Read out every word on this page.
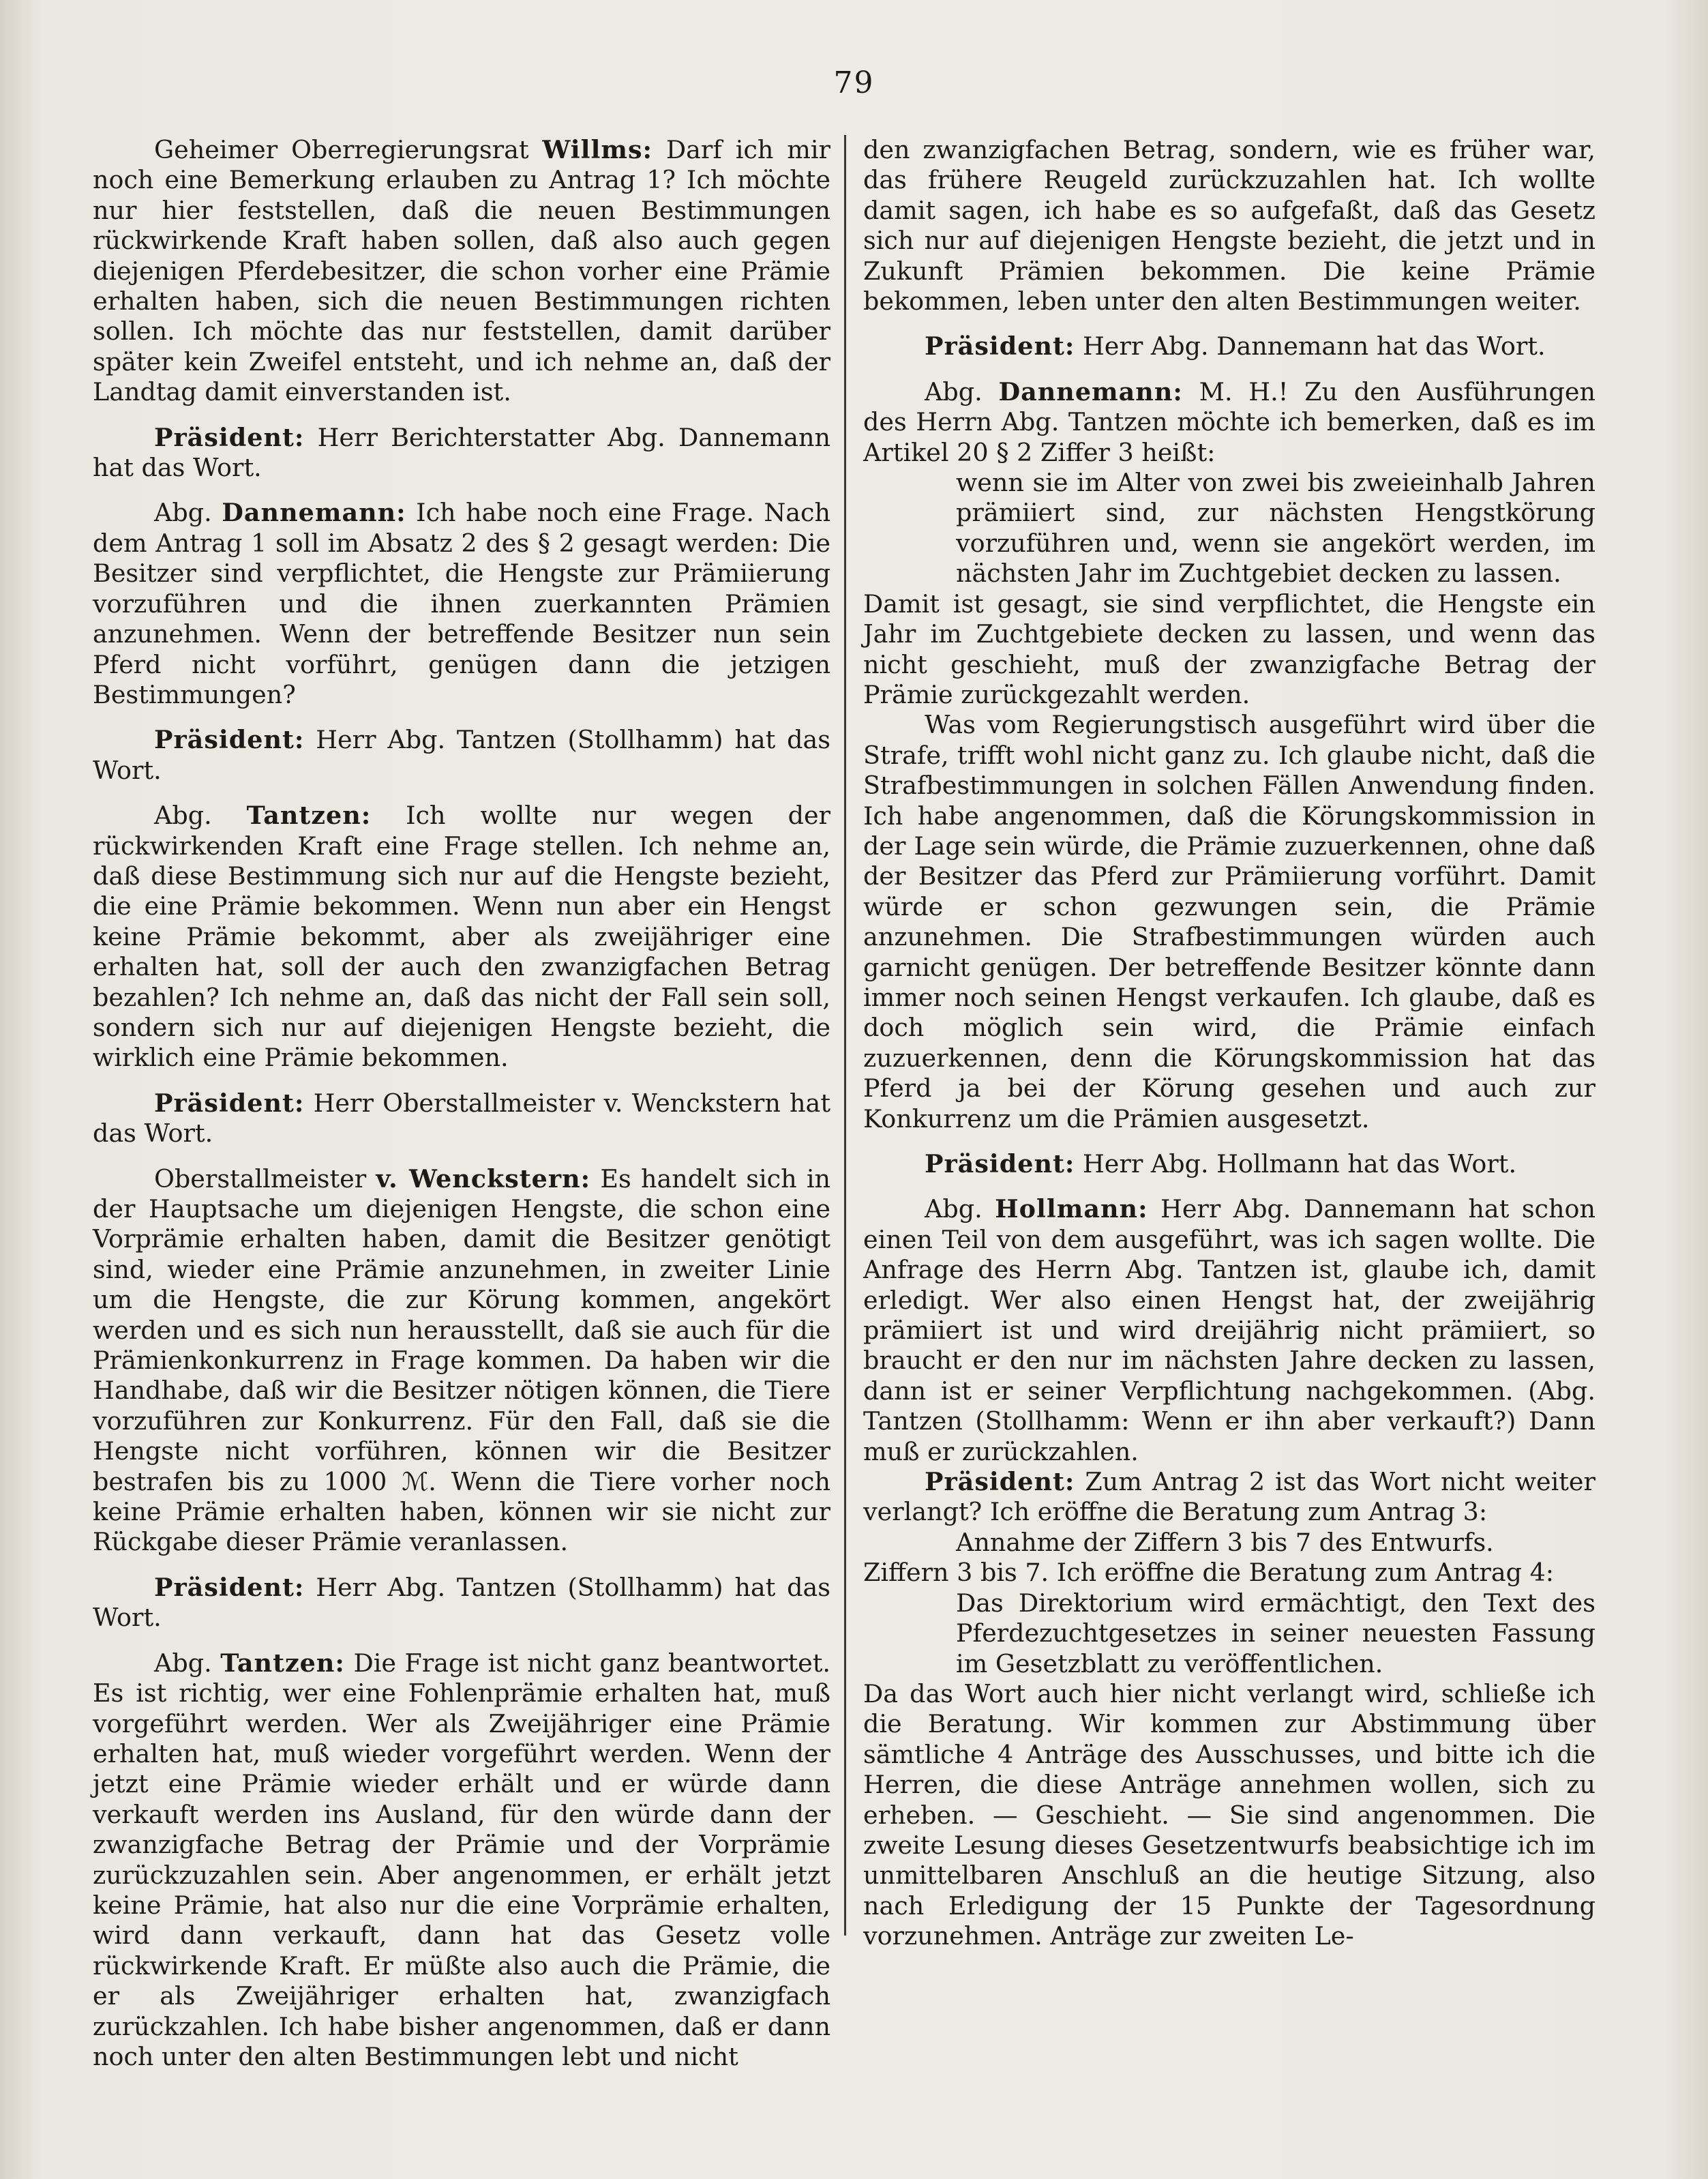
79

Geheimer Oberregierungsrat Willms: Darf ich mir noch eine Bemerkung erlauben zu Antrag 1? Ich möchte nur hier feststellen, daß die neuen Bestimmungen rückwirkende Kraft haben sollen, daß also auch gegen diejenigen Pferdebesitzer, die schon vorher eine Prämie erhalten haben, sich die neuen Bestimmungen richten sollen. Ich möchte das nur feststellen, damit darüber später kein Zweifel entsteht, und ich nehme an, daß der Landtag damit einverstanden ist.

Präsident: Herr Berichterstatter Abg. Dannemann hat das Wort.

Abg. Dannemann: Ich habe noch eine Frage. Nach dem Antrag 1 soll im Absatz 2 des § 2 gesagt werden: Die Besitzer sind verpflichtet, die Hengste zur Prämiierung vorzuführen und die ihnen zuerkannten Prämien anzunehmen. Wenn der betreffende Besitzer nun sein Pferd nicht vorführt, genügen dann die jetzigen Bestimmungen?

Präsident: Herr Abg. Tantzen (Stollhamm) hat das Wort.

Abg. Tantzen: Ich wollte nur wegen der rückwirkenden Kraft eine Frage stellen. Ich nehme an, daß diese Bestimmung sich nur auf die Hengste bezieht, die eine Prämie bekommen. Wenn nun aber ein Hengst keine Prämie bekommt, aber als zweijähriger eine erhalten hat, soll der auch den zwanzigfachen Betrag bezahlen? Ich nehme an, daß das nicht der Fall sein soll, sondern sich nur auf diejenigen Hengste bezieht, die wirklich eine Prämie bekommen.

Präsident: Herr Oberstallmeister v. Wenckstern hat das Wort.

Oberstallmeister v. Wenckstern: Es handelt sich in der Hauptsache um diejenigen Hengste, die schon eine Vorprämie erhalten haben, damit die Besitzer genötigt sind, wieder eine Prämie anzunehmen, in zweiter Linie um die Hengste, die zur Körung kommen, angekört werden und es sich nun herausstellt, daß sie auch für die Prämienkonkurrenz in Frage kommen. Da haben wir die Handhabe, daß wir die Besitzer nötigen können, die Tiere vorzuführen zur Konkurrenz. Für den Fall, daß sie die Hengste nicht vorführen, können wir die Besitzer bestrafen bis zu 1000 ℳ. Wenn die Tiere vorher noch keine Prämie erhalten haben, können wir sie nicht zur Rückgabe dieser Prämie veranlassen.

Präsident: Herr Abg. Tantzen (Stollhamm) hat das Wort.

Abg. Tantzen: Die Frage ist nicht ganz beantwortet. Es ist richtig, wer eine Fohlenprämie erhalten hat, muß vorgeführt werden. Wer als Zweijähriger eine Prämie erhalten hat, muß wieder vorgeführt werden. Wenn der jetzt eine Prämie wieder erhält und er würde dann verkauft werden ins Ausland, für den würde dann der zwanzigfache Betrag der Prämie und der Vorprämie zurückzuzahlen sein. Aber angenommen, er erhält jetzt keine Prämie, hat also nur die eine Vorprämie erhalten, wird dann verkauft, dann hat das Gesetz volle rückwirkende Kraft. Er müßte also auch die Prämie, die er als Zweijähriger erhalten hat, zwanzigfach zurückzahlen. Ich habe bisher angenommen, daß er dann noch unter den alten Bestimmungen lebt und nicht

den zwanzigfachen Betrag, sondern, wie es früher war, das frühere Reugeld zurückzuzahlen hat. Ich wollte damit sagen, ich habe es so aufgefaßt, daß das Gesetz sich nur auf diejenigen Hengste bezieht, die jetzt und in Zukunft Prämien bekommen. Die keine Prämie bekommen, leben unter den alten Bestimmungen weiter.

Präsident: Herr Abg. Dannemann hat das Wort.

Abg. Dannemann: M. H.! Zu den Ausführungen des Herrn Abg. Tantzen möchte ich bemerken, daß es im Artikel 20 § 2 Ziffer 3 heißt:

wenn sie im Alter von zwei bis zweieinhalb Jahren prämiiert sind, zur nächsten Hengstkörung vorzuführen und, wenn sie angekört werden, im nächsten Jahr im Zuchtgebiet decken zu lassen.

Damit ist gesagt, sie sind verpflichtet, die Hengste ein Jahr im Zuchtgebiete decken zu lassen, und wenn das nicht geschieht, muß der zwanzigfache Betrag der Prämie zurückgezahlt werden.

Was vom Regierungstisch ausgeführt wird über die Strafe, trifft wohl nicht ganz zu. Ich glaube nicht, daß die Strafbestimmungen in solchen Fällen Anwendung finden. Ich habe angenommen, daß die Körungskommission in der Lage sein würde, die Prämie zuzuerkennen, ohne daß der Besitzer das Pferd zur Prämiierung vorführt. Damit würde er schon gezwungen sein, die Prämie anzunehmen. Die Strafbestimmungen würden auch garnicht genügen. Der betreffende Besitzer könnte dann immer noch seinen Hengst verkaufen. Ich glaube, daß es doch möglich sein wird, die Prämie einfach zuzuerkennen, denn die Körungskommission hat das Pferd ja bei der Körung gesehen und auch zur Konkurrenz um die Prämien ausgesetzt.

Präsident: Herr Abg. Hollmann hat das Wort.

Abg. Hollmann: Herr Abg. Dannemann hat schon einen Teil von dem ausgeführt, was ich sagen wollte. Die Anfrage des Herrn Abg. Tantzen ist, glaube ich, damit erledigt. Wer also einen Hengst hat, der zweijährig prämiiert ist und wird dreijährig nicht prämiiert, so braucht er den nur im nächsten Jahre decken zu lassen, dann ist er seiner Verpflichtung nachgekommen. (Abg. Tantzen (Stollhamm: Wenn er ihn aber verkauft?) Dann muß er zurückzahlen.

Präsident: Zum Antrag 2 ist das Wort nicht weiter verlangt? Ich eröffne die Beratung zum Antrag 3:

Annahme der Ziffern 3 bis 7 des Entwurfs.

Ziffern 3 bis 7. Ich eröffne die Beratung zum Antrag 4:

Das Direktorium wird ermächtigt, den Text des Pferdezuchtgesetzes in seiner neuesten Fassung im Gesetzblatt zu veröffentlichen.

Da das Wort auch hier nicht verlangt wird, schließe ich die Beratung. Wir kommen zur Abstimmung über sämtliche 4 Anträge des Ausschusses, und bitte ich die Herren, die diese Anträge annehmen wollen, sich zu erheben. — Geschieht. — Sie sind angenommen. Die zweite Lesung dieses Gesetzentwurfs beabsichtige ich im unmittelbaren Anschluß an die heutige Sitzung, also nach Erledigung der 15 Punkte der Tagesordnung vorzunehmen. Anträge zur zweiten Le-
